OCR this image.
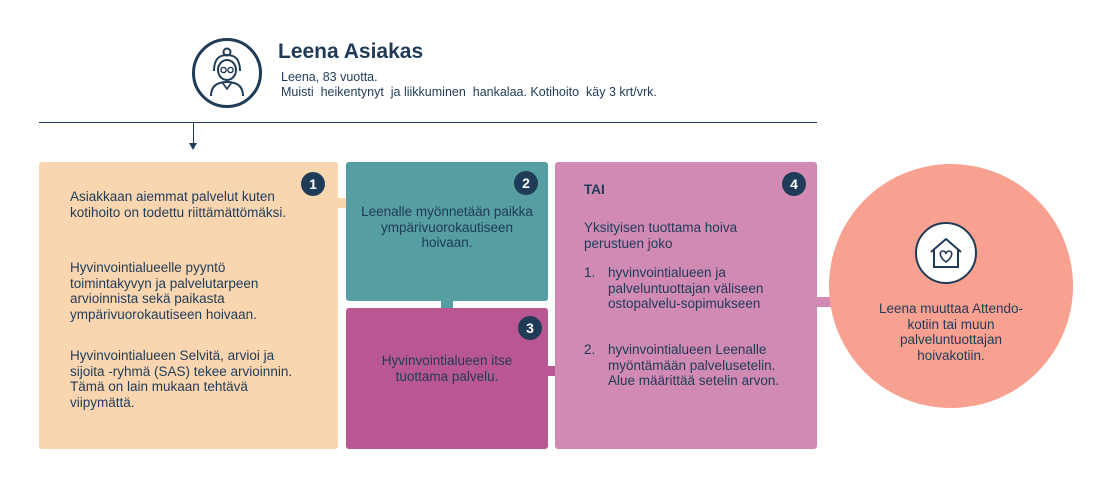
Leena Asiakas
Leena, 83 vuotta.
Muisti  heikentynyt  ja liikkuminen  hankalaa. Kotihoito  käy 3 krt/vrk.
1
Asiakkaan aiemmat palvelut kuten kotihoito on todettu riittämättömäksi.
Hyvinvointialueelle pyyntö toimintakyvyn ja palvelutarpeen arvioinnista sekä paikasta ympärivuorokautiseen hoivaan.
Hyvinvointialueen Selvitä, arvioi ja sijoita -ryhmä (SAS) tekee arvioinnin. Tämä on lain mukaan tehtävä viipymättä.
2
Leenalle myönnetään paikka ympärivuorokautiseen hoivaan.
3
Hyvinvointialueen itse tuottama palvelu.
4
TAI
Yksityisen tuottama hoiva perustuen joko
1. hyvinvointialueen ja palveluntuottajan väliseen ostopalvelu-sopimukseen
2. hyvinvointialueen Leenalle myöntämään palvelusetelin. Alue määrittää setelin arvon.
Leena muuttaa Attendo-kotiin tai muun palveluntuottajan hoivakotiin.
